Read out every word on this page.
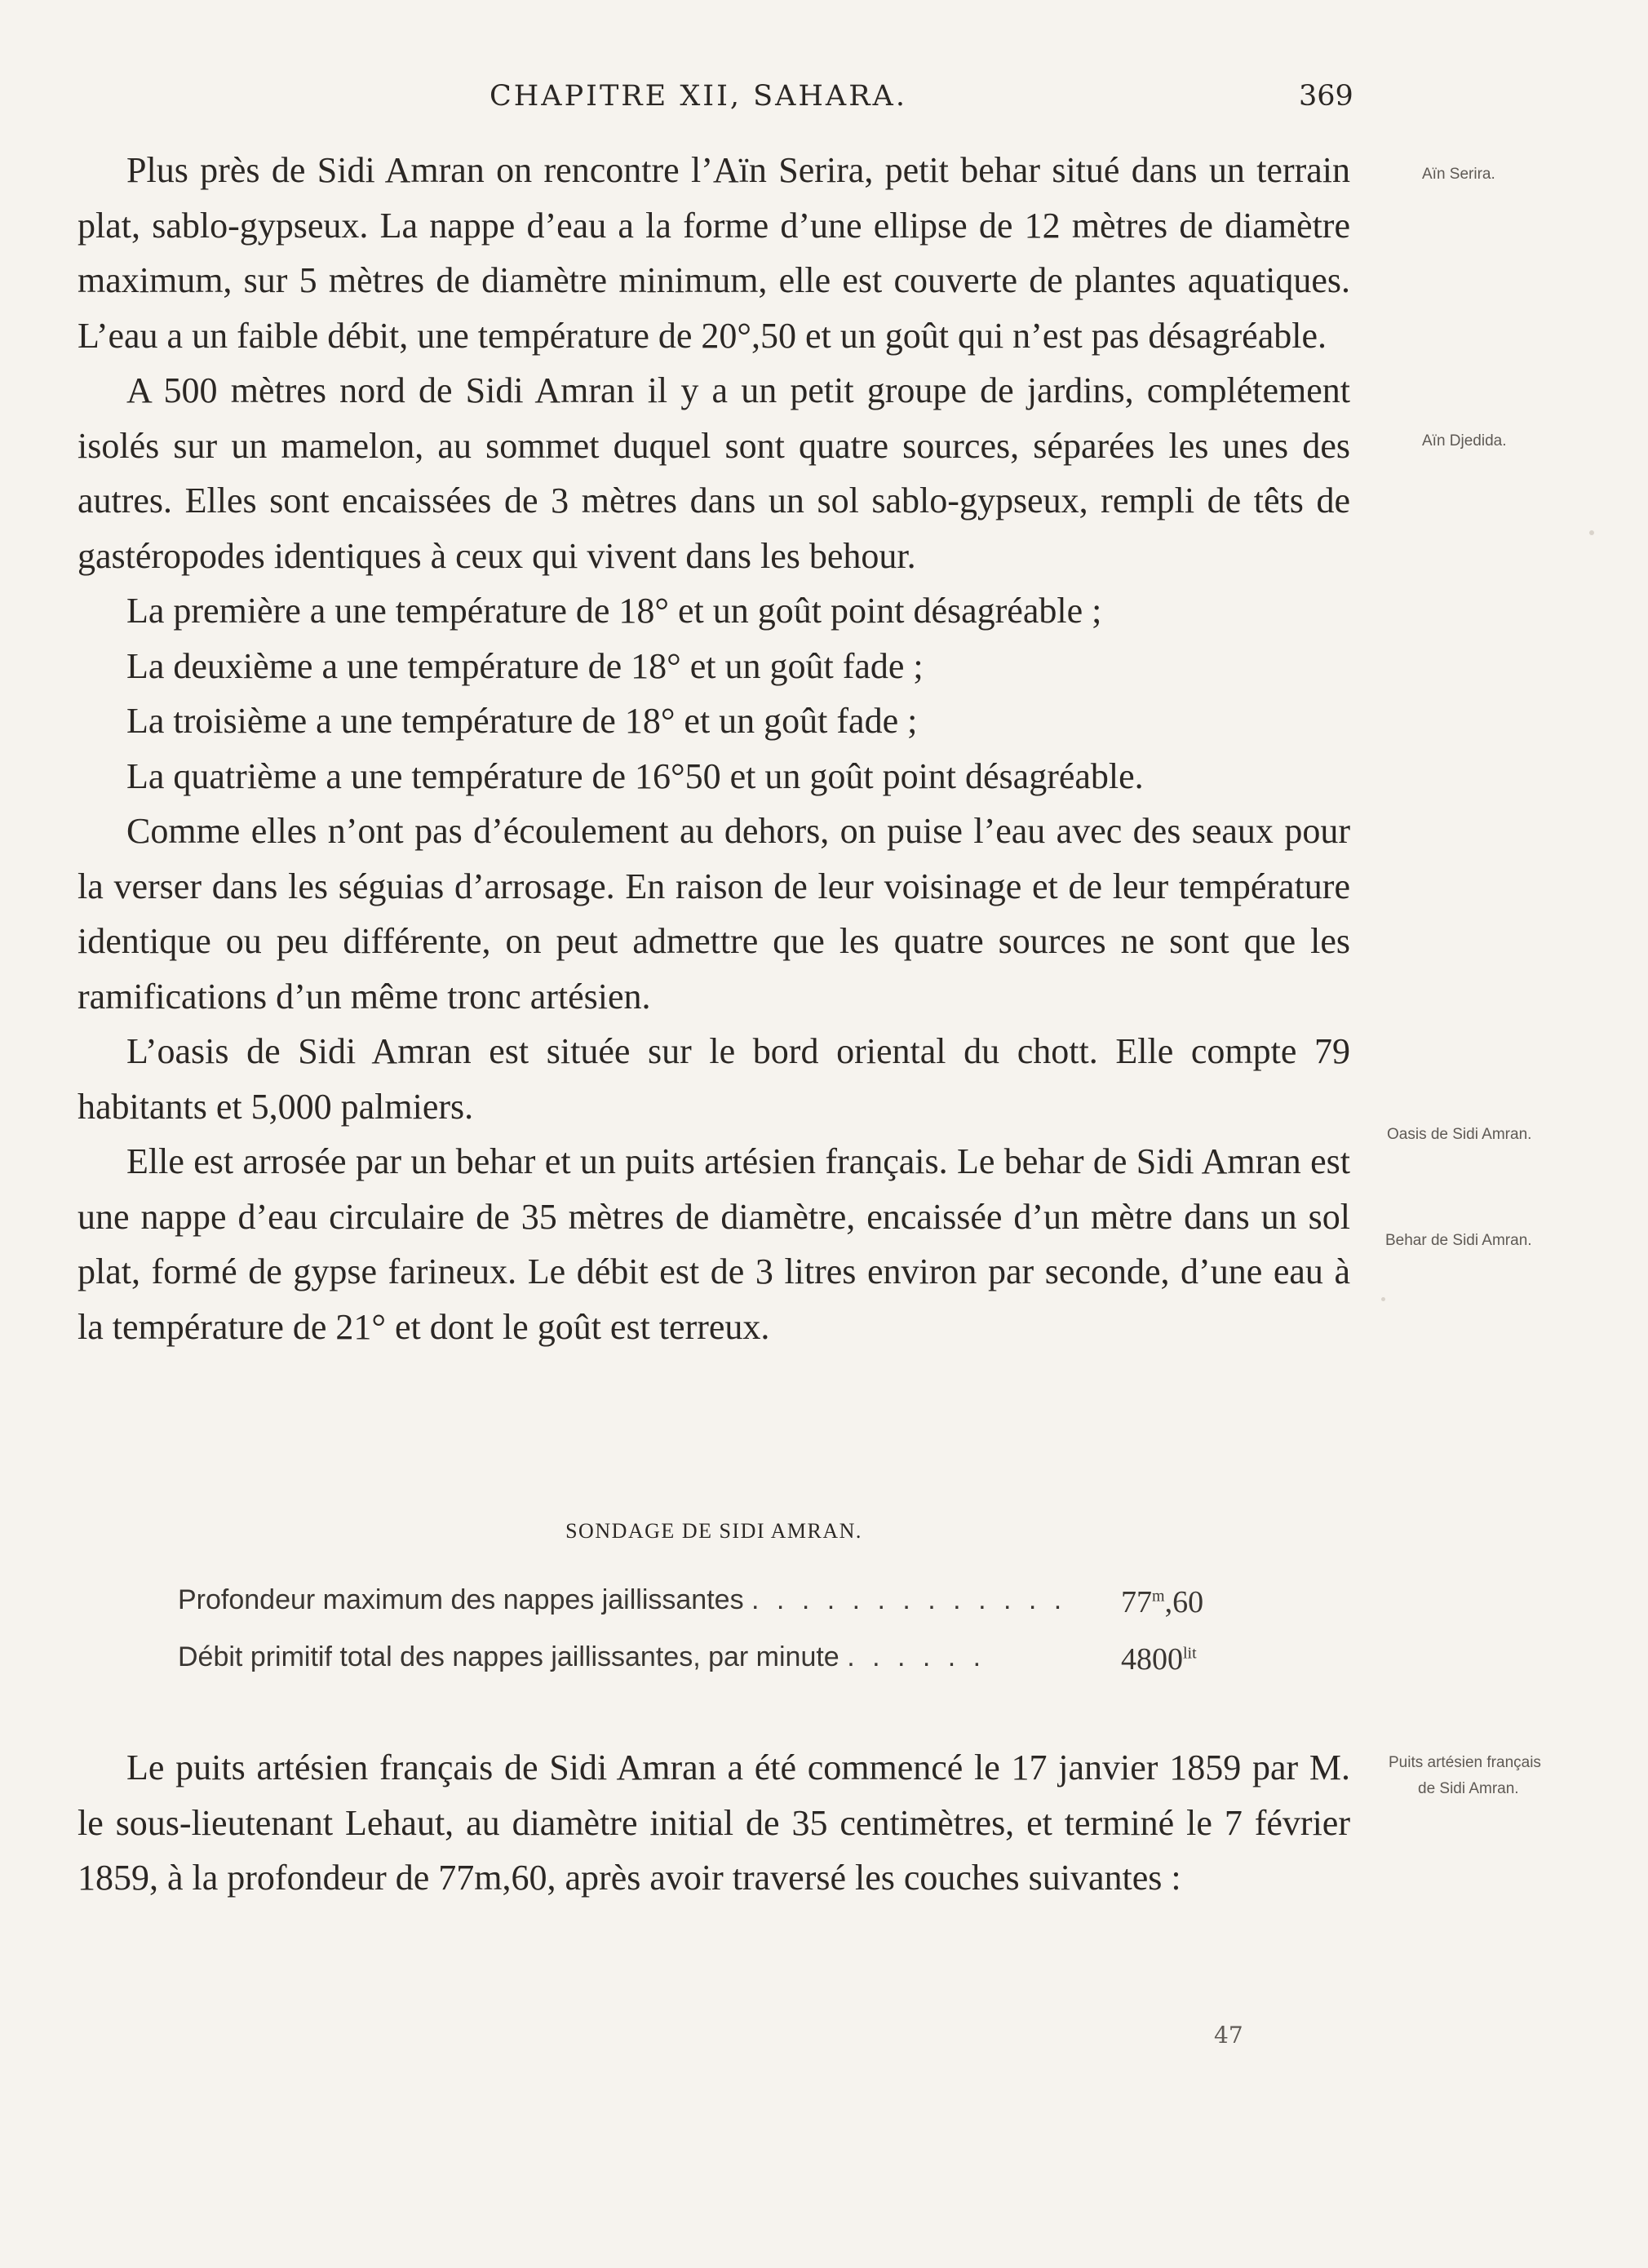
CHAPITRE XII, SAHARA.	369

Plus près de Sidi Amran on rencontre l’Aïn Serira, petit behar situé dans un terrain plat, sablo-gypseux. La nappe d’eau a la forme d’une ellipse de 12 mètres de diamètre maximum, sur 5 mètres de diamètre minimum, elle est couverte de plantes aquatiques. L’eau a un faible débit, une température de 20°,50 et un goût qui n’est pas désagréable.

A 500 mètres nord de Sidi Amran il y a un petit groupe de jardins, complétement isolés sur un mamelon, au sommet duquel sont quatre sources, séparées les unes des autres. Elles sont encaissées de 3 mètres dans un sol sablo-gypseux, rempli de têts de gastéropodes identiques à ceux qui vivent dans les behour.

La première a une température de 18° et un goût point désagréable ;

La deuxième a une température de 18° et un goût fade ;

La troisième a une température de 18° et un goût fade ;

La quatrième a une température de 16°50 et un goût point désagréable.

Comme elles n’ont pas d’écoulement au dehors, on puise l’eau avec des seaux pour la verser dans les séguias d’arrosage. En raison de leur voisinage et de leur température identique ou peu différente, on peut admettre que les quatre sources ne sont que les ramifications d’un même tronc artésien.

L’oasis de Sidi Amran est située sur le bord oriental du chott. Elle compte 79 habitants et 5,000 palmiers.

Elle est arrosée par un behar et un puits artésien français. Le behar de Sidi Amran est une nappe d’eau circulaire de 35 mètres de diamètre, encaissée d’un mètre dans un sol plat, formé de gypse farineux. Le débit est de 3 litres environ par seconde, d’une eau à la température de 21° et dont le goût est terreux.

SONDAGE DE SIDI AMRAN.
Profondeur maximum des nappes jaillissantes . . . . . . . . . . . . . 77$^m$,60
Débit primitif total des nappes jaillissantes, par minute . . . . . .	$4800^{lit}$

Le puits artésien français de Sidi Amran a été commencé le 17 janvier 1859 par M. le sous-lieutenant Lehaut, au diamètre initial de 35 centimètres, et terminé le 7 février 1859, à la profondeur de 77m,60, après avoir traversé les couches suivantes :

Aïn Serira.
Aïn Djedida.
Oasis de Sidi Amran.
Behar de Sidi Amran.
Puits artésien français
de Sidi Amran.
47
